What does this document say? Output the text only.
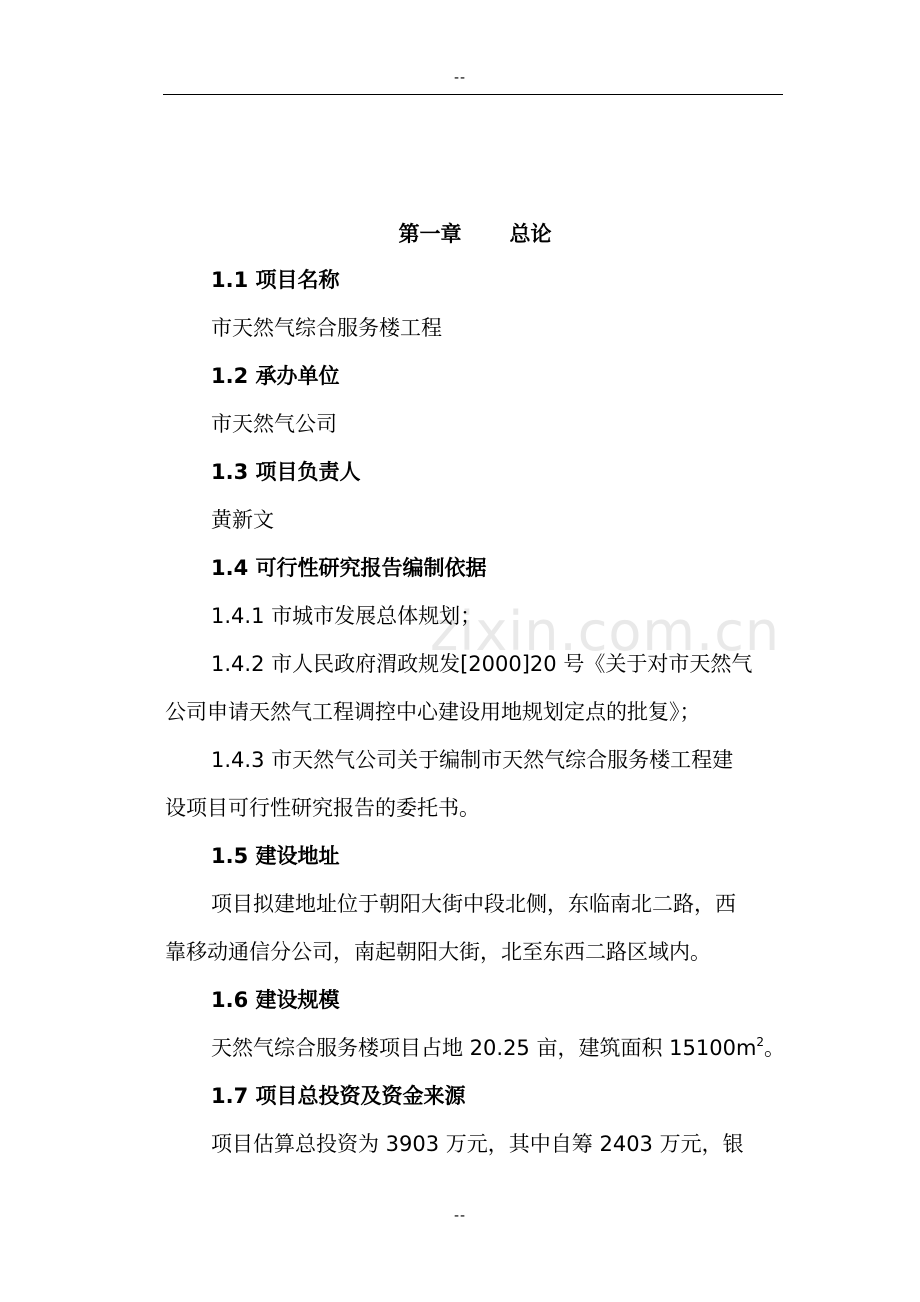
--
zixin.com.cn
第一章 总论
1.1 项目名称
市天然气综合服务楼工程
1.2 承办单位
市天然气公司
1.3 项目负责人
黄新文
1.4 可行性研究报告编制依据
1.4.1 市城市发展总体规划；
1.4.2 市人民政府渭政规发[2000]20 号《关于对市天然气
公司申请天然气工程调控中心建设用地规划定点的批复》；
1.4.3 市天然气公司关于编制市天然气综合服务楼工程建
设项目可行性研究报告的委托书。
1.5 建设地址
项目拟建地址位于朝阳大街中段北侧，东临南北二路，西
靠移动通信分公司，南起朝阳大街，北至东西二路区域内。
1.6 建设规模
天然气综合服务楼项目占地 20.25 亩，建筑面积 $15100m^2$。
1.7 项目总投资及资金来源
项目估算总投资为 3903 万元，其中自筹 2403 万元，银
--
